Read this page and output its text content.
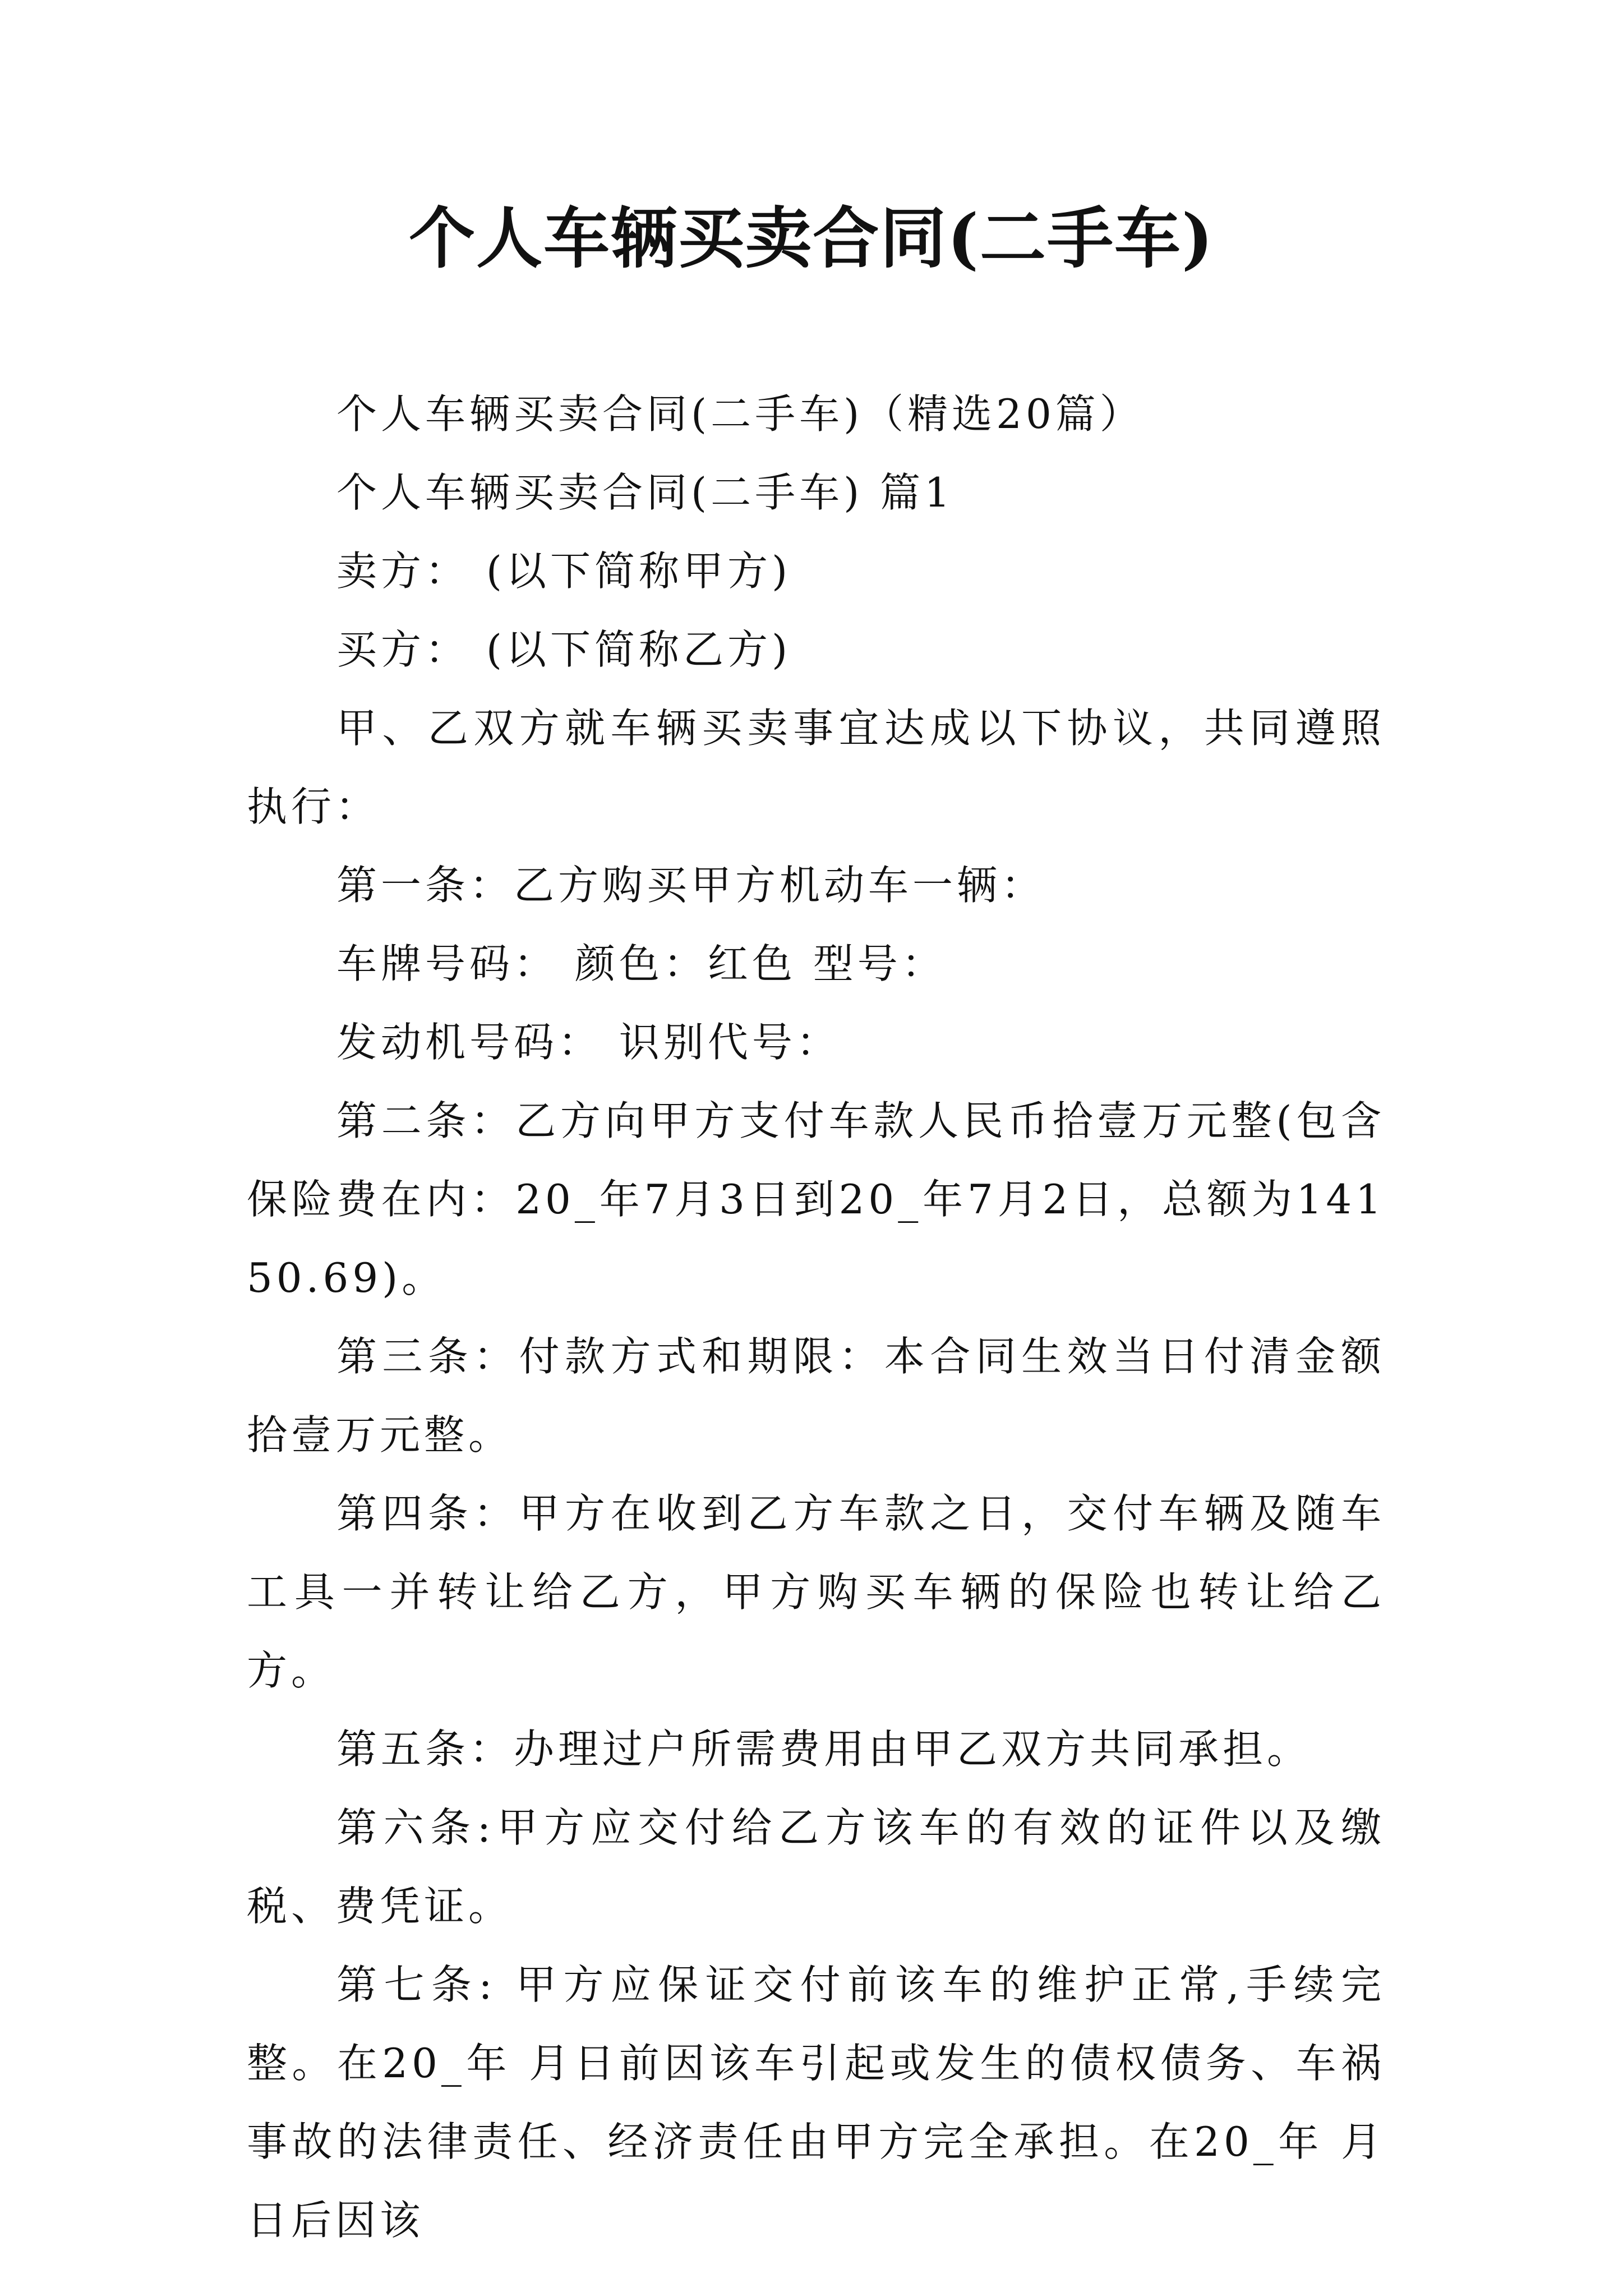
个人车辆买卖合同(二手车)

个人车辆买卖合同(二手车)（精选20篇）

个人车辆买卖合同(二手车) 篇1

卖方： (以下简称甲方)

买方： (以下简称乙方)

甲、乙双方就车辆买卖事宜达成以下协议，共同遵照执行：

第一条：乙方购买甲方机动车一辆：

车牌号码： 颜色：红色 型号：

发动机号码： 识别代号：

第二条：乙方向甲方支付车款人民币拾壹万元整(包含保险费在内：20_年7月3日到20_年7月2日，总额为14150.69)。

第三条：付款方式和期限：本合同生效当日付清金额拾壹万元整。

第四条：甲方在收到乙方车款之日，交付车辆及随车工具一并转让给乙方，甲方购买车辆的保险也转让给乙方。

第五条：办理过户所需费用由甲乙双方共同承担。

第六条:甲方应交付给乙方该车的有效的证件以及缴税、费凭证。

第七条: 甲方应保证交付前该车的维护正常,手续完整。在20_年 月日前因该车引起或发生的债权债务、车祸事故的法律责任、经济责任由甲方完全承担。在20_年 月日后因该
